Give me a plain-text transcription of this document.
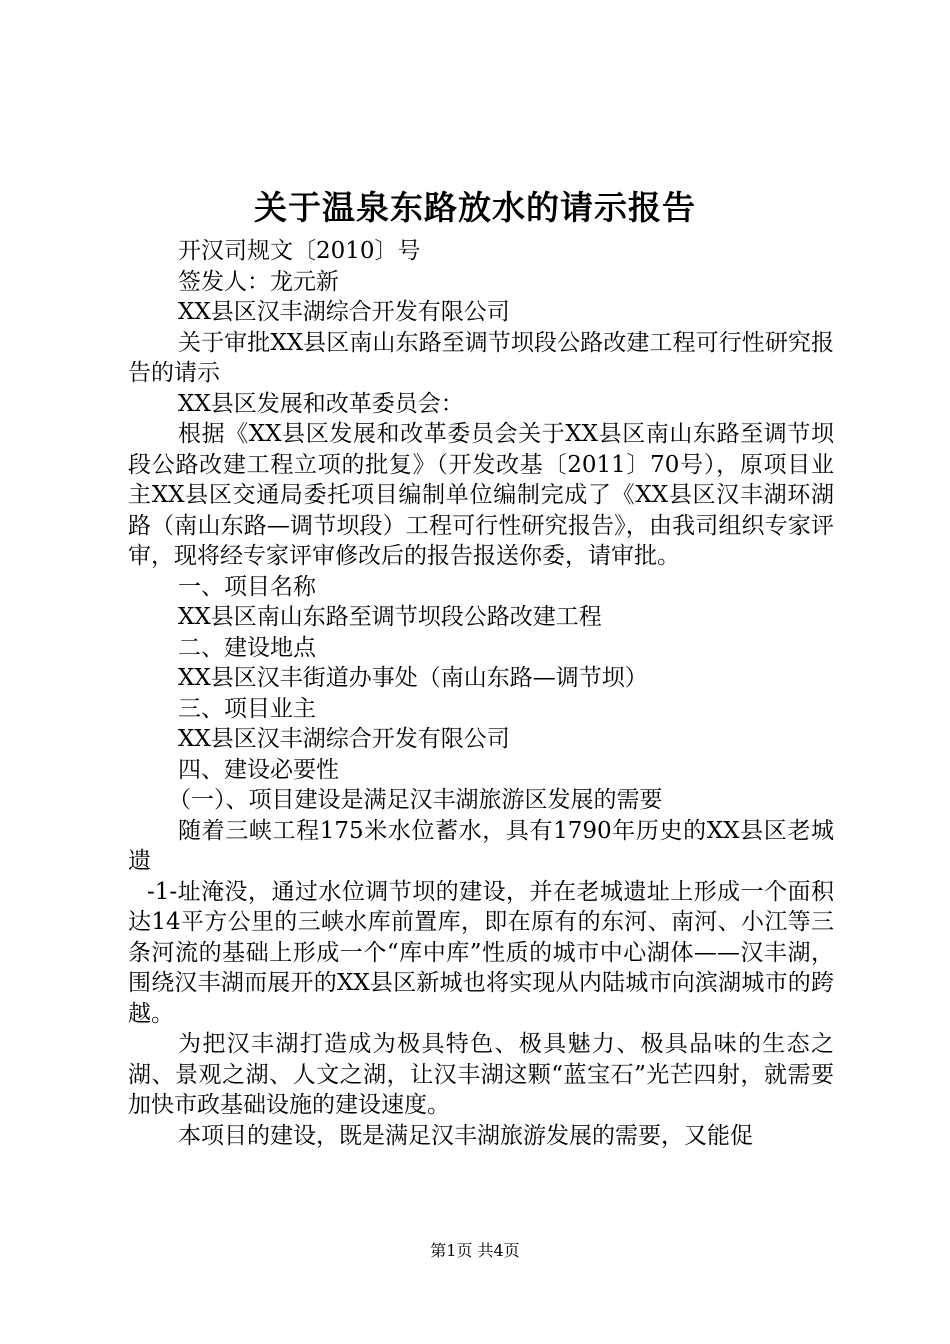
关于温泉东路放水的请示报告

开汉司规文〔2010〕号

签发人：龙元新

XX县区汉丰湖综合开发有限公司

关于审批XX县区南山东路至调节坝段公路改建工程可行性研究报告的请示

XX县区发展和改革委员会：

根据《XX县区发展和改革委员会关于XX县区南山东路至调节坝段公路改建工程立项的批复》（开发改基〔2011〕70号），原项目业主XX县区交通局委托项目编制单位编制完成了《XX县区汉丰湖环湖路（南山东路—调节坝段）工程可行性研究报告》，由我司组织专家评审，现将经专家评审修改后的报告报送你委，请审批。

一、项目名称

XX县区南山东路至调节坝段公路改建工程

二、建设地点

XX县区汉丰街道办事处（南山东路—调节坝）

三、项目业主

XX县区汉丰湖综合开发有限公司

四、建设必要性

（一）、项目建设是满足汉丰湖旅游区发展的需要

随着三峡工程175米水位蓄水，具有1790年历史的XX县区老城遗

-1-址淹没，通过水位调节坝的建设，并在老城遗址上形成一个面积达14平方公里的三峡水库前置库，即在原有的东河、南河、小江等三条河流的基础上形成一个“库中库”性质的城市中心湖体——汉丰湖，围绕汉丰湖而展开的XX县区新城也将实现从内陆城市向滨湖城市的跨越。

为把汉丰湖打造成为极具特色、极具魅力、极具品味的生态之湖、景观之湖、人文之湖，让汉丰湖这颗“蓝宝石”光芒四射，就需要加快市政基础设施的建设速度。

本项目的建设，既是满足汉丰湖旅游发展的需要，又能促

第1页 共4页
